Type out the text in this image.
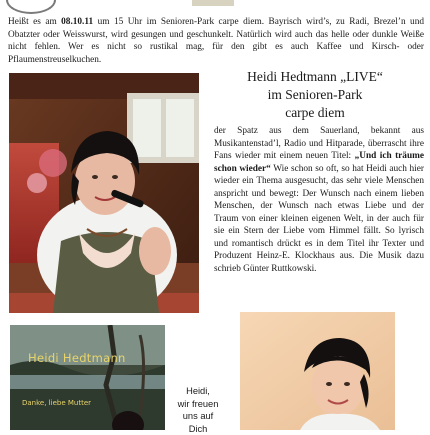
Heißt es am 08.10.11 um 15 Uhr im Senioren-Park carpe diem. Bayrisch wird’s, zu Radi, Brezel’n und Obatzter oder Weisswurst, wird gesungen und geschunkelt. Natürlich wird auch das helle oder dunkle Weiße nicht fehlen. Wer es nicht so rustikal mag, für den gibt es auch Kaffee und Kirsch- oder Pflaumenstreuselkuchen.

Heidi Hedtmann „LIVE“

im Senioren-Park

carpe diem

der Spatz aus dem Sauerland, bekannt aus Musikantenstad’l, Radio und Hitparade, überrascht ihre Fans wieder mit einem neuen Titel: „Und ich träume schon wieder“ Wie schon so oft, so hat Heidi auch hier wieder ein Thema ausgesucht, das sehr viele Menschen anspricht und bewegt: Der Wunsch nach einem lieben Menschen, der Wunsch nach etwas Liebe und der Traum von einer kleinen eigenen Welt, in der auch für sie ein Stern der Liebe vom Himmel fällt. So lyrisch und romantisch drückt es in dem Titel ihr Texter und Produzent Heinz-E. Klockhaus aus. Die Musik dazu schrieb Günter Ruttkowski.

Heidi Hedtmann
Danke, liebe Mutter
Heidi,
wir freuen
uns auf
Dich
